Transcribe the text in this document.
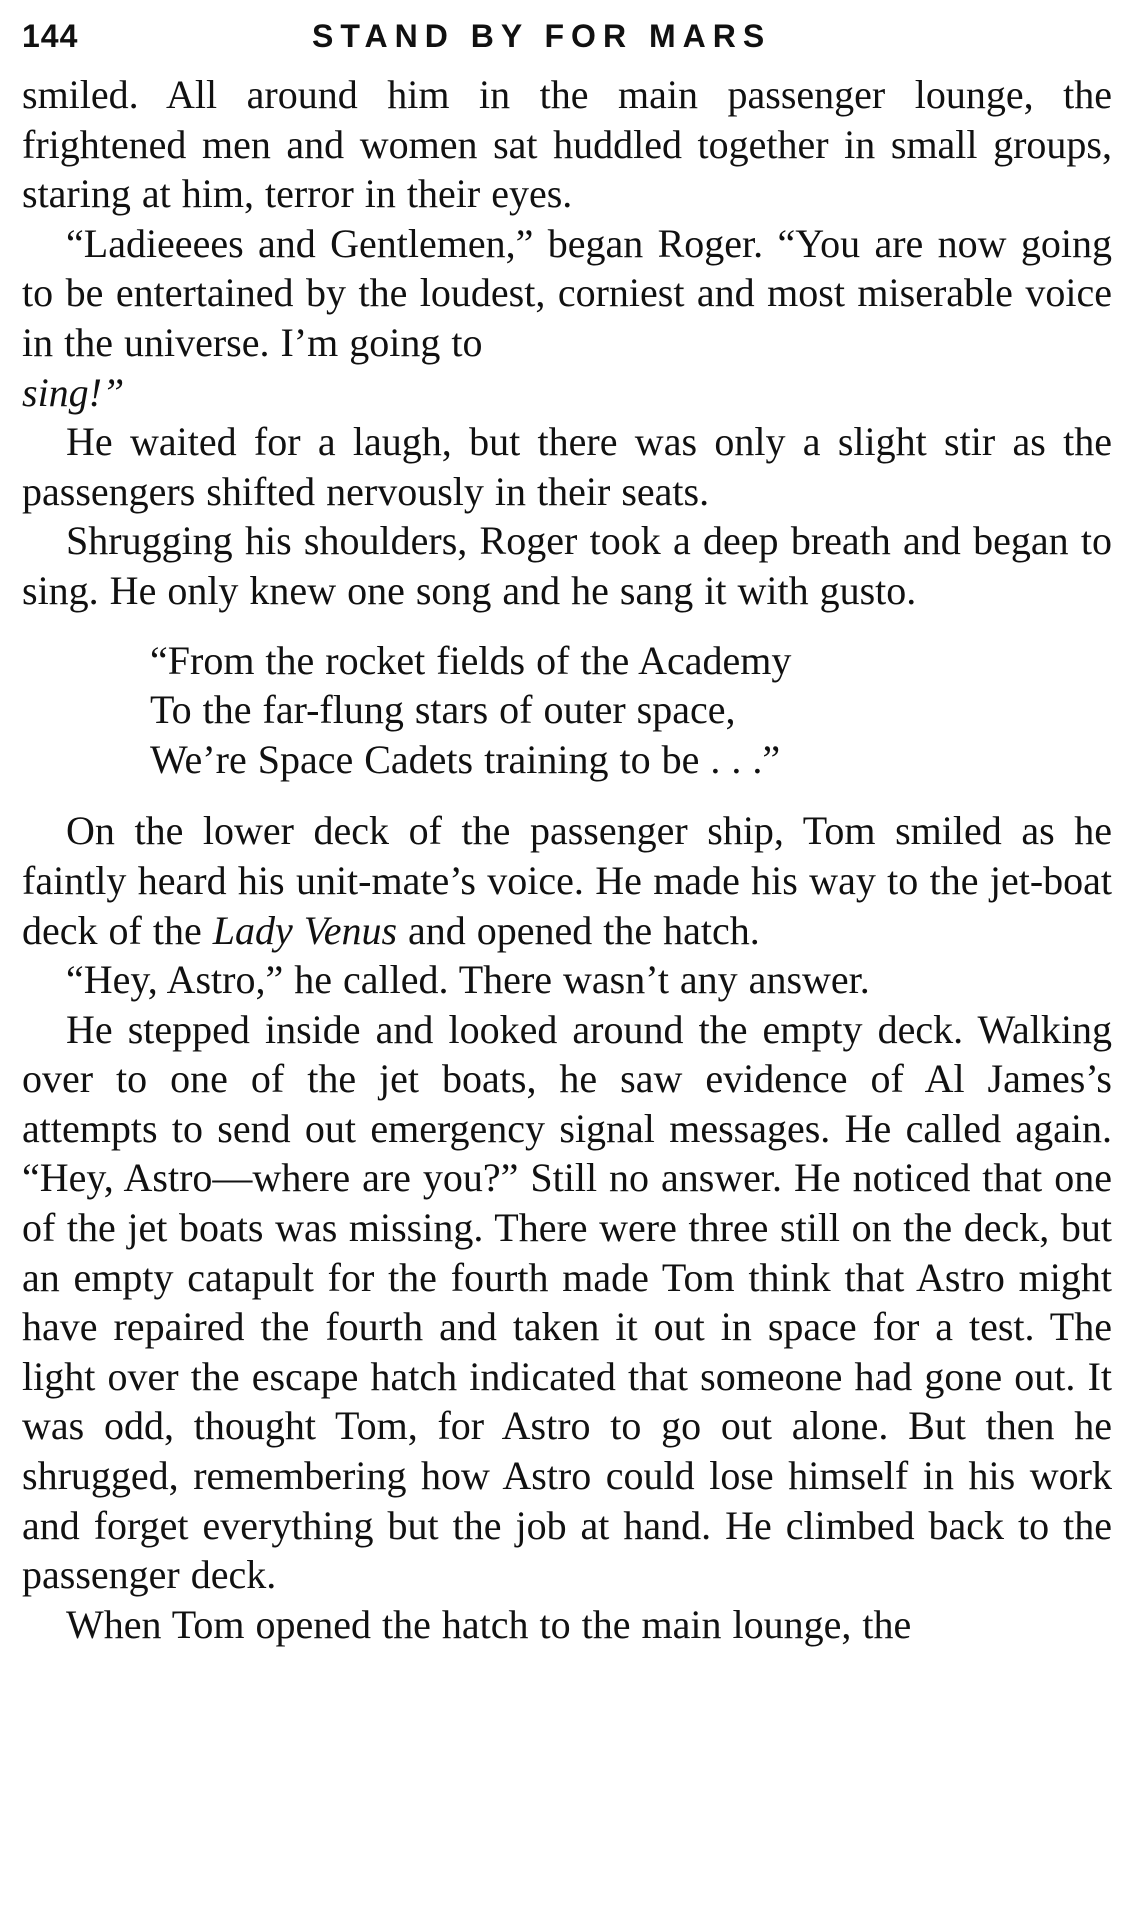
144	STAND BY FOR MARS

smiled. All around him in the main passenger lounge, the frightened men and women sat huddled together in small groups, staring at him, terror in their eyes.

“Ladieeees and Gentlemen,” began Roger. “You are now going to be entertained by the loudest, corniest and most miserable voice in the universe. I’m going to

sing!”

He waited for a laugh, but there was only a slight stir as the passengers shifted nervously in their seats.

Shrugging his shoulders, Roger took a deep breath and began to sing. He only knew one song and he sang it with gusto.

“From the rocket fields of the Academy
To the far-flung stars of outer space,
We’re Space Cadets training to be . . .”

On the lower deck of the passenger ship, Tom smiled as he faintly heard his unit-mate’s voice. He made his way to the jet-boat deck of the Lady Venus and opened the hatch.

“Hey, Astro,” he called. There wasn’t any answer.

He stepped inside and looked around the empty deck. Walking over to one of the jet boats, he saw evidence of Al James’s attempts to send out emergency signal messages. He called again. “Hey, Astro—where are you?” Still no answer. He noticed that one of the jet boats was missing. There were three still on the deck, but an empty catapult for the fourth made Tom think that Astro might have repaired the fourth and taken it out in space for a test. The light over the escape hatch indicated that someone had gone out. It was odd, thought Tom, for Astro to go out alone. But then he shrugged, remembering how Astro could lose himself in his work and forget everything but the job at hand. He climbed back to the passenger deck.

When Tom opened the hatch to the main lounge, the
